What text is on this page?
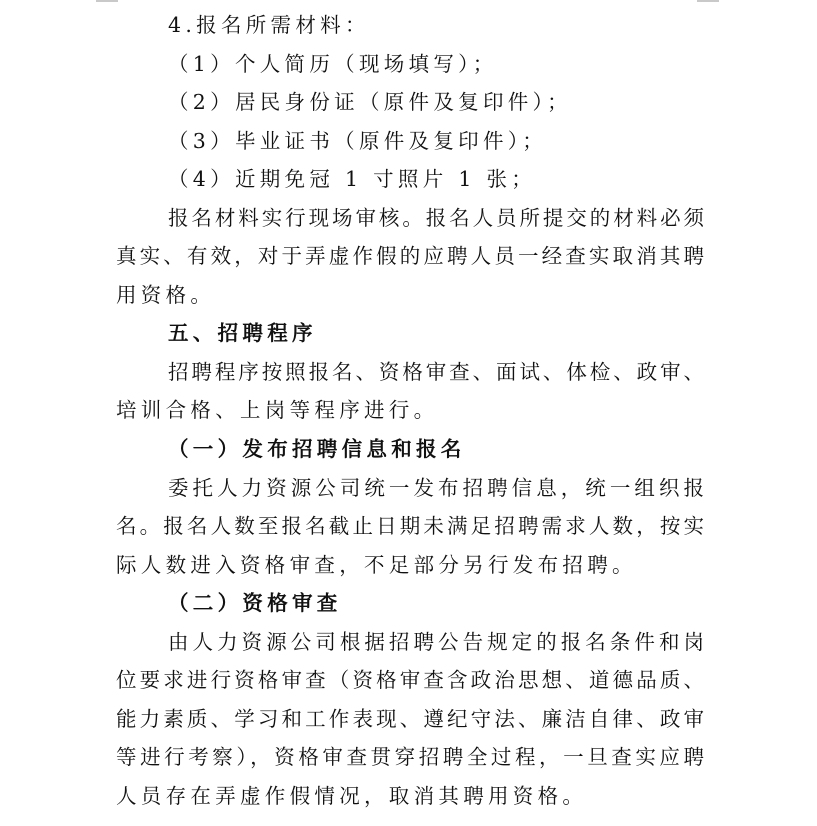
4.报名所需材料：
（1）个人简历（现场填写）；
（2）居民身份证（原件及复印件）；
（3）毕业证书（原件及复印件）；
（4）近期免冠 1 寸照片 1 张；
报名材料实行现场审核。报名人员所提交的材料必须
真实、有效，对于弄虚作假的应聘人员一经查实取消其聘
用资格。
五、招聘程序
招聘程序按照报名、资格审查、面试、体检、政审、
培训合格、上岗等程序进行。
（一）发布招聘信息和报名
委托人力资源公司统一发布招聘信息，统一组织报
名。报名人数至报名截止日期未满足招聘需求人数，按实
际人数进入资格审查，不足部分另行发布招聘。
（二）资格审查
由人力资源公司根据招聘公告规定的报名条件和岗
位要求进行资格审查（资格审查含政治思想、道德品质、
能力素质、学习和工作表现、遵纪守法、廉洁自律、政审
等进行考察），资格审查贯穿招聘全过程，一旦查实应聘
人员存在弄虚作假情况，取消其聘用资格。
